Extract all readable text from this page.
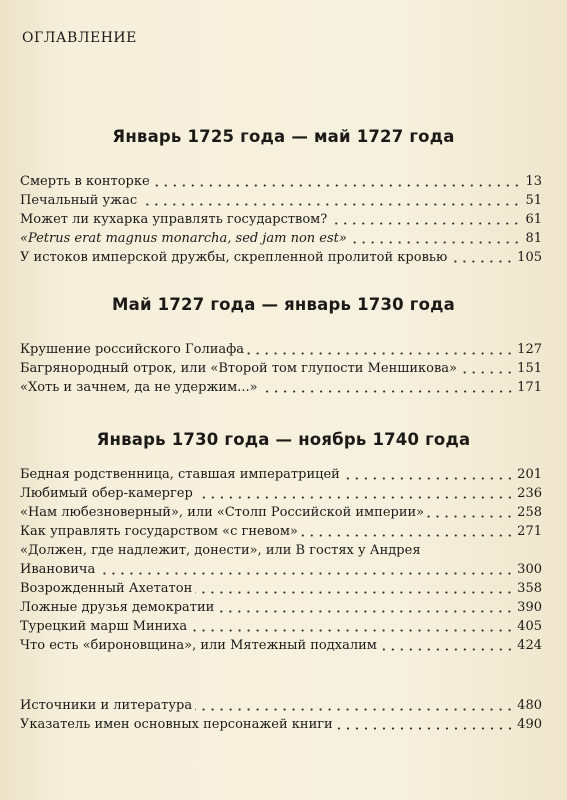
ОГЛАВЛЕНИЕ
Январь 1725 года — май 1727 года
Смерть в конторке	13
Печальный ужас	51
Может ли кухарка управлять государством?	61
«Petrus erat magnus monarcha, sed jam non est»	81
У истоков имперской дружбы, скрепленной пролитой кровью	105
Май 1727 года — январь 1730 года
Крушение российского Голиафа	127
Багрянородный отрок, или «Второй том глупости Меншикова»	151
«Хоть и зачнем, да не удержим...»	171
Январь 1730 года — ноябрь 1740 года
Бедная родственница, ставшая императрицей	201
Любимый обер-камергер	236
«Нам любезноверный», или «Столп Российской империи»	258
Как управлять государством «с гневом»	271
«Должен, где надлежит, донести», или В гостях у Андрея
Ивановича	300
Возрожденный Ахетатон	358
Ложные друзья демократии	390
Турецкий марш Миниха	405
Что есть «бироновщина», или Мятежный подхалим	424
Источники и литература	480
Указатель имен основных персонажей книги	490
